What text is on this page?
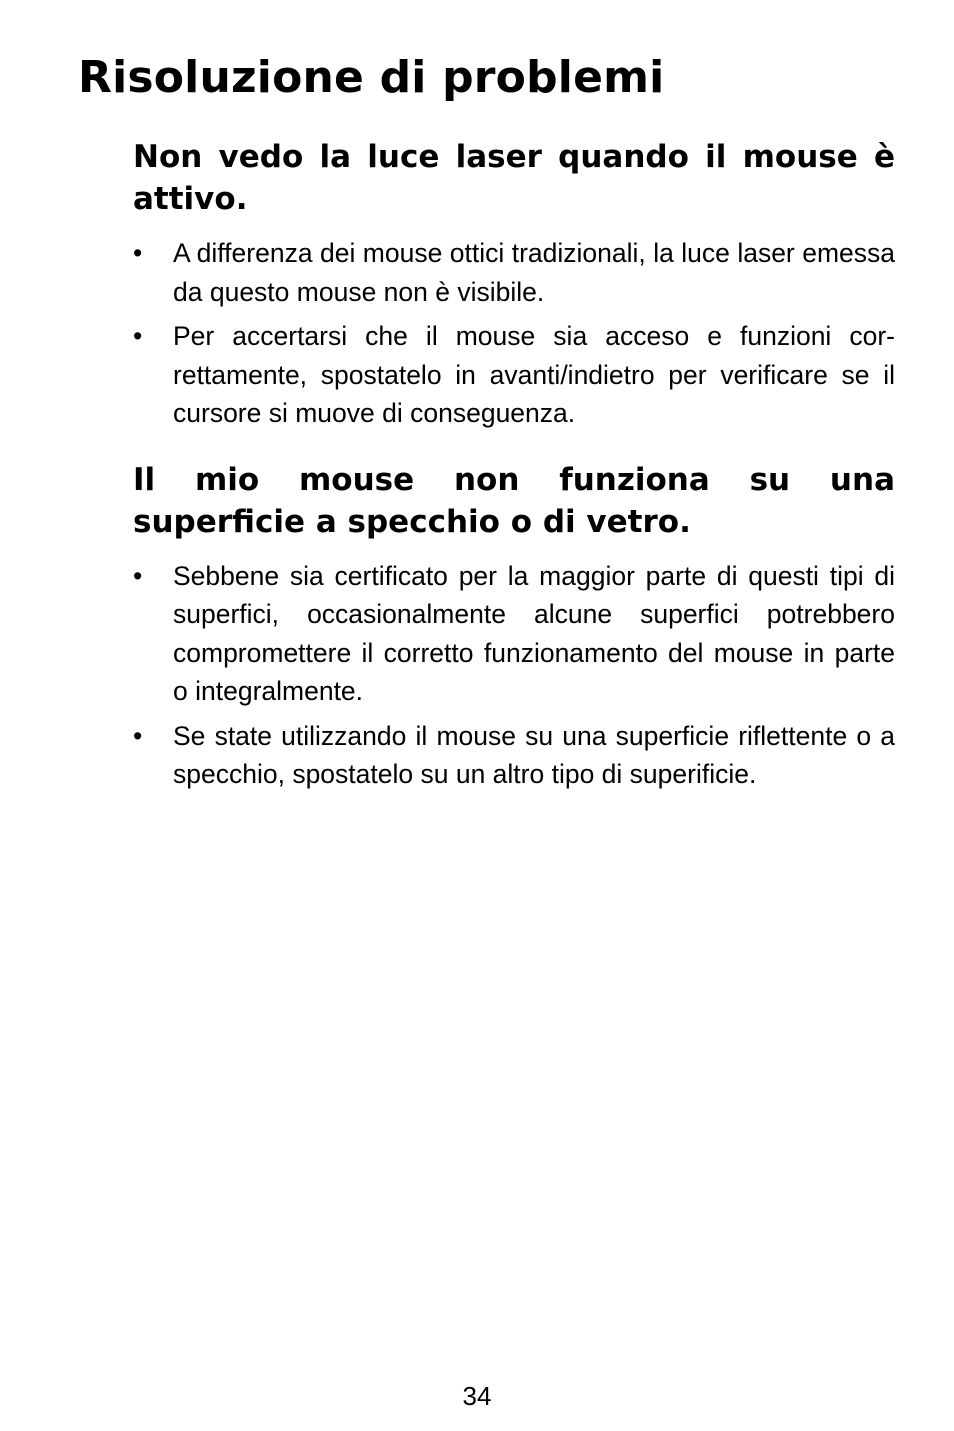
Risoluzione di problemi
Non vedo la luce laser quando il mouse è attivo.
• A differenza dei mouse ottici tradizionali, la luce laser emessa da questo mouse non è visibile.
• Per accertarsi che il mouse sia acceso e funzioni correttamente, spostatelo in avanti/indietro per verificare se il cursore si muove di conseguenza.
Il mio mouse non funziona su una superficie a specchio o di vetro.
• Sebbene sia certificato per la maggior parte di questi tipi di superfici, occasionalmente alcune superfici potrebbero compromettere il corretto funzionamento del mouse in parte o integralmente.
• Se state utilizzando il mouse su una superficie riflettente o a specchio, spostatelo su un altro tipo di superificie.
34
